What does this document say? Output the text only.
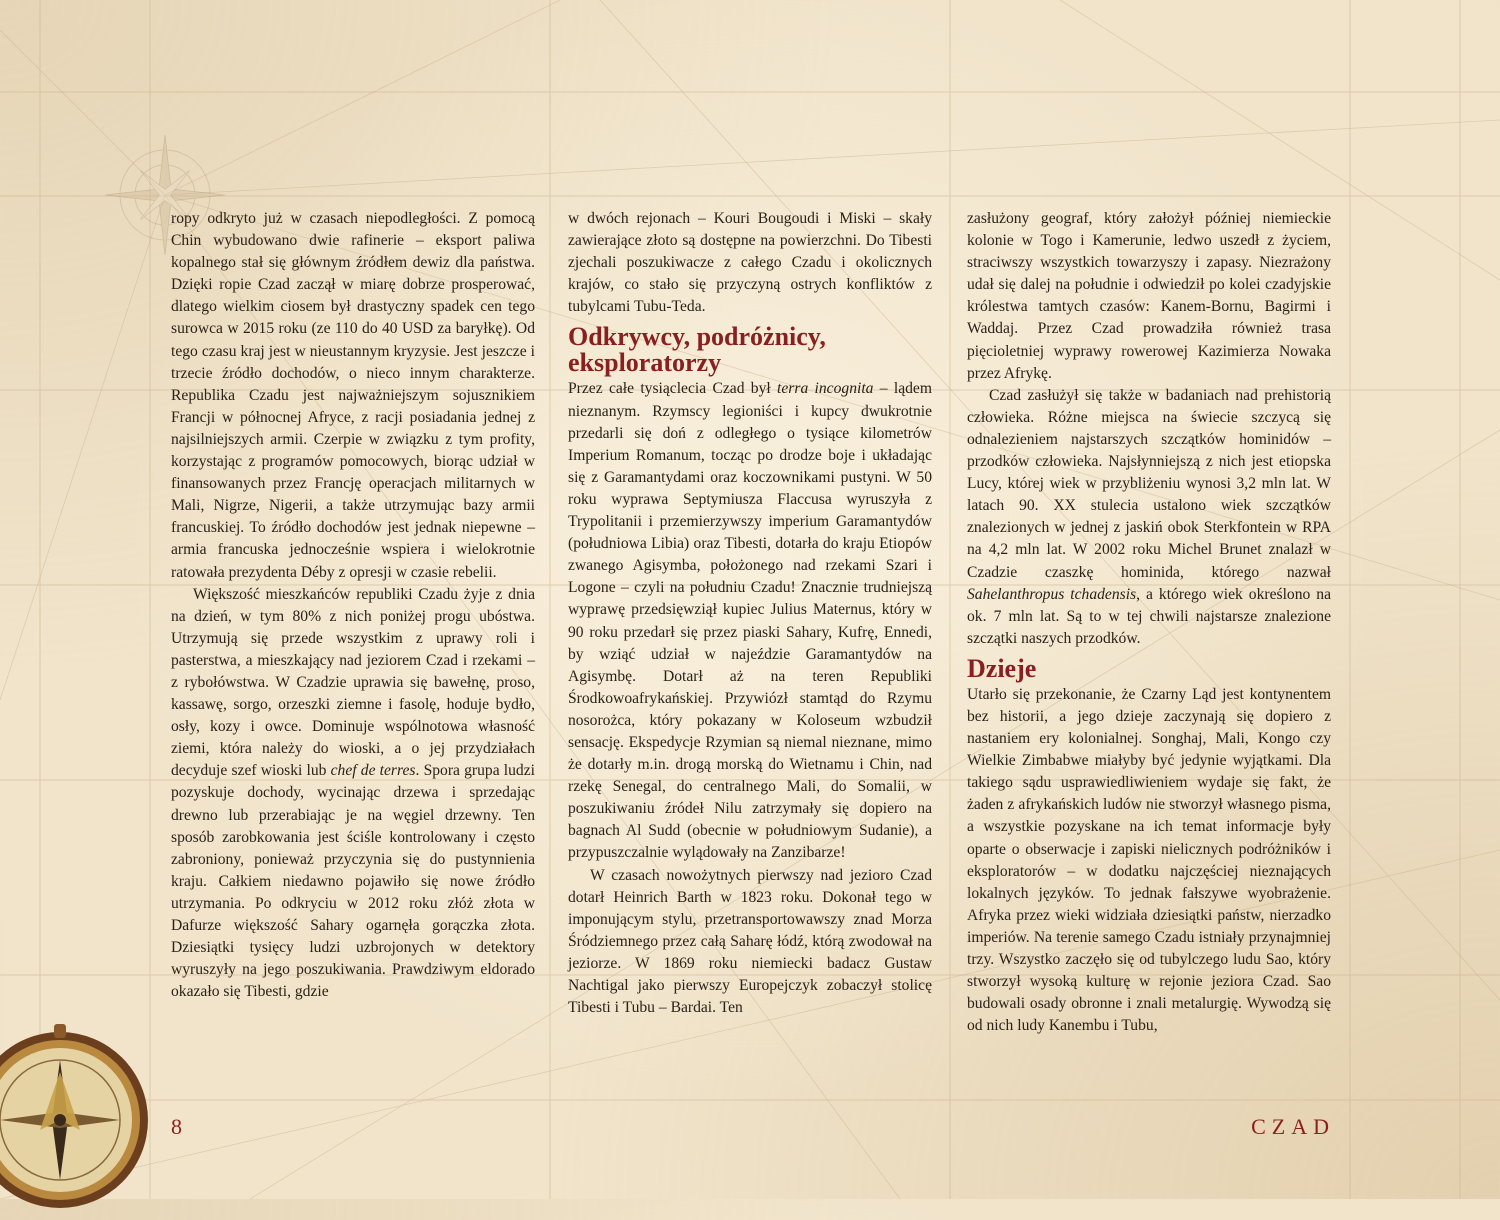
ropy odkryto już w czasach niepodległości. Z pomocą Chin wybudowano dwie rafinerie – eksport paliwa kopalnego stał się głównym źródłem dewiz dla państwa. Dzięki ropie Czad zaczął w miarę dobrze prosperować, dlatego wielkim ciosem był drastyczny spadek cen tego surowca w 2015 roku (ze 110 do 40 USD za baryłkę). Od tego czasu kraj jest w nieustannym kryzysie. Jest jeszcze i trzecie źródło dochodów, o nieco innym charakterze. Republika Czadu jest najważniejszym sojusznikiem Francji w północnej Afryce, z racji posiadania jednej z najsilniejszych armii. Czerpie w związku z tym profity, korzystając z programów pomocowych, biorąc udział w finansowanych przez Francję operacjach militarnych w Mali, Nigrze, Nigerii, a także utrzymując bazy armii francuskiej. To źródło dochodów jest jednak niepewne – armia francuska jednocześnie wspiera i wielokrotnie ratowała prezydenta Déby z opresji w czasie rebelii.

Większość mieszkańców republiki Czadu żyje z dnia na dzień, w tym 80% z nich poniżej progu ubóstwa. Utrzymują się przede wszystkim z uprawy roli i pasterstwa, a mieszkający nad jeziorem Czad i rzekami – z rybołówstwa. W Czadzie uprawia się bawełnę, proso, kassawę, sorgo, orzeszki ziemne i fasolę, hoduje bydło, osły, kozy i owce. Dominuje wspólnotowa własność ziemi, która należy do wioski, a o jej przydziałach decyduje szef wioski lub chef de terres. Spora grupa ludzi pozyskuje dochody, wycinając drzewa i sprzedając drewno lub przerabiając je na węgiel drzewny. Ten sposób zarobkowania jest ściśle kontrolowany i często zabroniony, ponieważ przyczynia się do pustynnienia kraju. Całkiem niedawno pojawiło się nowe źródło utrzymania. Po odkryciu w 2012 roku złóż złota w Dafurze większość Sahary ogarnęła gorączka złota. Dziesiątki tysięcy ludzi uzbrojonych w detektory wyruszyły na jego poszukiwania. Prawdziwym eldorado okazało się Tibesti, gdzie

w dwóch rejonach – Kouri Bougoudi i Miski – skały zawierające złoto są dostępne na powierzchni. Do Tibesti zjechali poszukiwacze z całego Czadu i okolicznych krajów, co stało się przyczyną ostrych konfliktów z tubylcami Tubu-Teda.

Odkrywcy, podróżnicy, eksploratorzy

Przez całe tysiąclecia Czad był terra incognita – lądem nieznanym. Rzymscy legioniści i kupcy dwukrotnie przedarli się doń z odległego o tysiące kilometrów Imperium Romanum, tocząc po drodze boje i układając się z Garamantydami oraz koczownikami pustyni. W 50 roku wyprawa Septymiusza Flaccusa wyruszyła z Trypolitanii i przemierzywszy imperium Garamantydów (południowa Libia) oraz Tibesti, dotarła do kraju Etiopów zwanego Agisymba, położonego nad rzekami Szari i Logone – czyli na południu Czadu! Znacznie trudniejszą wyprawę przedsięwziął kupiec Julius Maternus, który w 90 roku przedarł się przez piaski Sahary, Kufrę, Ennedi, by wziąć udział w najeździe Garamantydów na Agisymbę. Dotarł aż na teren Republiki Środkowoafrykańskiej. Przywiózł stamtąd do Rzymu nosorożca, który pokazany w Koloseum wzbudził sensację. Ekspedycje Rzymian są niemal nieznane, mimo że dotarły m.in. drogą morską do Wietnamu i Chin, nad rzekę Senegal, do centralnego Mali, do Somalii, w poszukiwaniu źródeł Nilu zatrzymały się dopiero na bagnach Al Sudd (obecnie w południowym Sudanie), a przypuszczalnie wylądowały na Zanzibarze!

W czasach nowożytnych pierwszy nad jezioro Czad dotarł Heinrich Barth w 1823 roku. Dokonał tego w imponującym stylu, przetransportowawszy znad Morza Śródziemnego przez całą Saharę łódź, którą zwodował na jeziorze. W 1869 roku niemiecki badacz Gustaw Nachtigal jako pierwszy Europejczyk zobaczył stolicę Tibesti i Tubu – Bardai. Ten

zasłużony geograf, który założył później niemieckie kolonie w Togo i Kamerunie, ledwo uszedł z życiem, straciwszy wszystkich towarzyszy i zapasy. Niezrażony udał się dalej na południe i odwiedził po kolei czadyjskie królestwa tamtych czasów: Kanem-Bornu, Bagirmi i Waddaj. Przez Czad prowadziła również trasa pięcioletniej wyprawy rowerowej Kazimierza Nowaka przez Afrykę.

Czad zasłużył się także w badaniach nad prehistorią człowieka. Różne miejsca na świecie szczycą się odnalezieniem najstarszych szczątków hominidów – przodków człowieka. Najsłynniejszą z nich jest etiopska Lucy, której wiek w przybliżeniu wynosi 3,2 mln lat. W latach 90. XX stulecia ustalono wiek szczątków znalezionych w jednej z jaskiń obok Sterkfontein w RPA na 4,2 mln lat. W 2002 roku Michel Brunet znalazł w Czadzie czaszkę hominida, którego nazwał Sahelanthropus tchadensis, a którego wiek określono na ok. 7 mln lat. Są to w tej chwili najstarsze znalezione szczątki naszych przodków.

Dzieje

Utarło się przekonanie, że Czarny Ląd jest kontynentem bez historii, a jego dzieje zaczynają się dopiero z nastaniem ery kolonialnej. Songhaj, Mali, Kongo czy Wielkie Zimbabwe miałyby być jedynie wyjątkami. Dla takiego sądu usprawiedliwieniem wydaje się fakt, że żaden z afrykańskich ludów nie stworzył własnego pisma, a wszystkie pozyskane na ich temat informacje były oparte o obserwacje i zapiski nielicznych podróżników i eksploratorów – w dodatku najczęściej nieznających lokalnych języków. To jednak fałszywe wyobrażenie. Afryka przez wieki widziała dziesiątki państw, nierzadko imperiów. Na terenie samego Czadu istniały przynajmniej trzy. Wszystko zaczęło się od tubylczego ludu Sao, który stworzył wysoką kulturę w rejonie jeziora Czad. Sao budowali osady obronne i znali metalurgię. Wywodzą się od nich ludy Kanembu i Tubu,

8	CZAD
